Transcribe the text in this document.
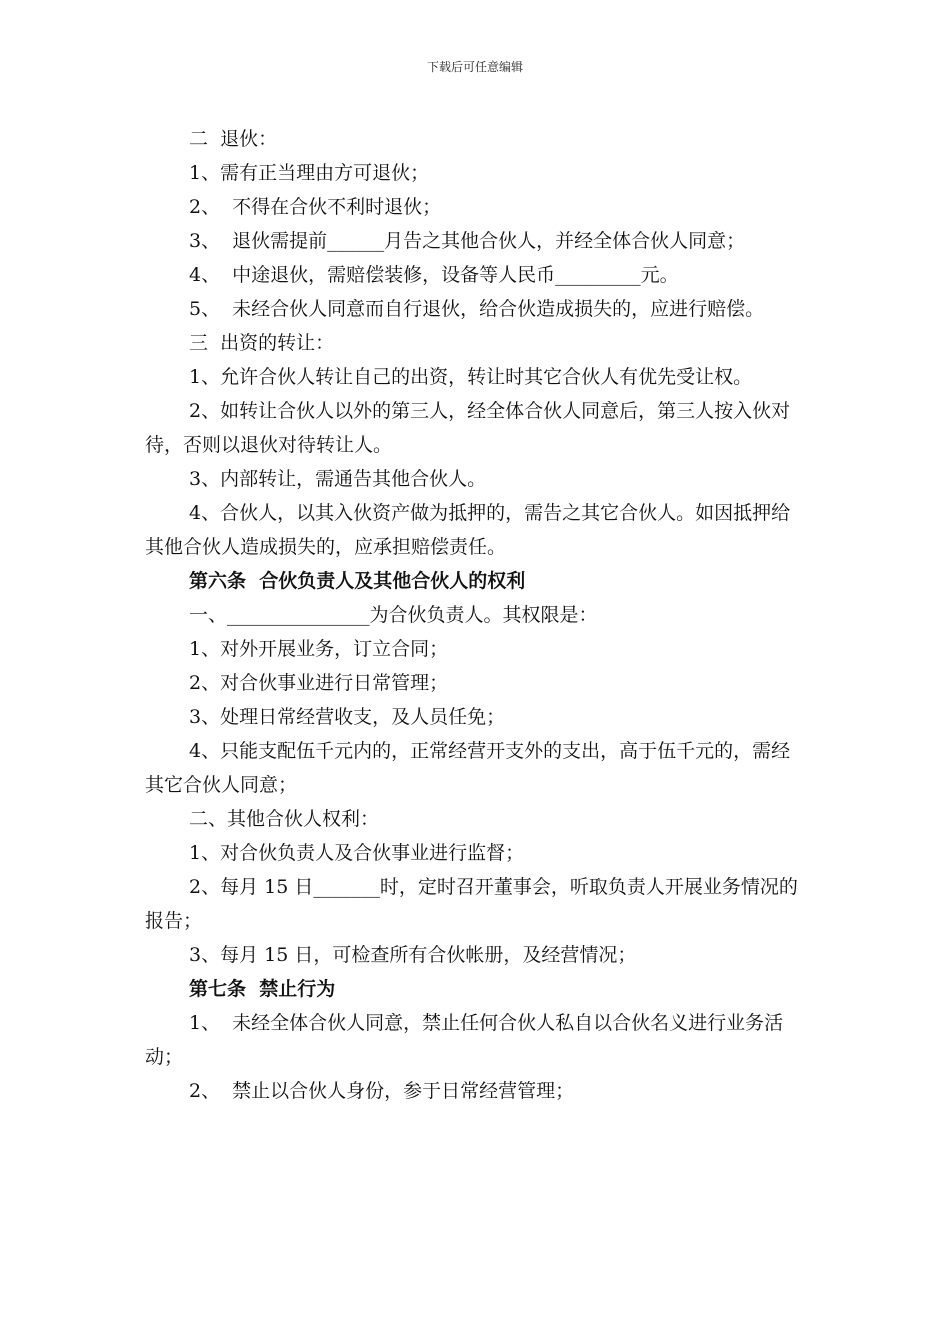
下载后可任意编辑

二  退伙：

1、需有正当理由方可退伙；

2、  不得在合伙不利时退伙；

3、  退伙需提前______月告之其他合伙人，并经全体合伙人同意；

4、  中途退伙，需赔偿装修，设备等人民币_________元。

5、  未经合伙人同意而自行退伙，给合伙造成损失的，应进行赔偿。

三  出资的转让：

1、允许合伙人转让自己的出资，转让时其它合伙人有优先受让权。

2、如转让合伙人以外的第三人，经全体合伙人同意后，第三人按入伙对待，否则以退伙对待转让人。

3、内部转让，需通告其他合伙人。

4、合伙人，以其入伙资产做为抵押的，需告之其它合伙人。如因抵押给其他合伙人造成损失的，应承担赔偿责任。

第六条  合伙负责人及其他合伙人的权利

一、_______________为合伙负责人。其权限是：

1、对外开展业务，订立合同；

2、对合伙事业进行日常管理；

3、处理日常经营收支，及人员任免；

4、只能支配伍千元内的，正常经营开支外的支出，高于伍千元的，需经其它合伙人同意；

二、其他合伙人权利：

1、对合伙负责人及合伙事业进行监督；

2、每月 15 日_______时，定时召开董事会，听取负责人开展业务情况的报告；

3、每月 15 日，可检查所有合伙帐册，及经营情况；

第七条  禁止行为

1、  未经全体合伙人同意，禁止任何合伙人私自以合伙名义进行业务活动；

2、  禁止以合伙人身份，参于日常经营管理；
